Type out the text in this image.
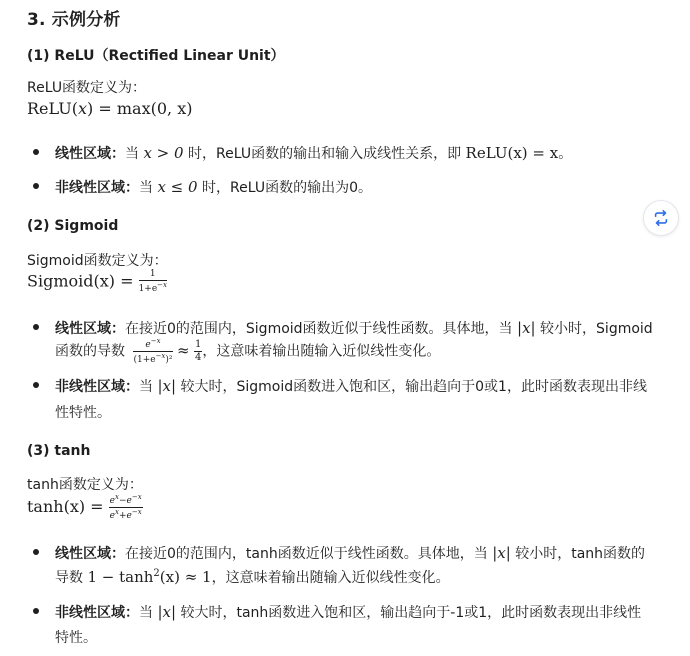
3. 示例分析
(1) ReLU（Rectified Linear Unit）
ReLU函数定义为：
ReLU(x) = max(0, x)
线性区域：当 x > 0 时，ReLU函数的输出和输入成线性关系，即 ReLU(x) = x。
非线性区域：当 x ≤ 0 时，ReLU函数的输出为0。
(2) Sigmoid
Sigmoid函数定义为：
Sigmoid(x) = $\frac{1}{1+e^{-x}}$
线性区域：在接近0的范围内，Sigmoid函数近似于线性函数。具体地，当 |x| 较小时，Sigmoid
函数的导数 $\frac{e^{-x}}{(1+e^{-x})^2} \approx \frac{1}{4}$ ，这意味着输出随输入近似线性变化。
非线性区域：当 |x| 较大时，Sigmoid函数进入饱和区，输出趋向于0或1，此时函数表现出非线
性特性。
(3) tanh
tanh函数定义为：
$\tanh(x) = \frac{e^x-e^{-x}}{e^x+e^{-x}}$
线性区域：在接近0的范围内，tanh函数近似于线性函数。具体地，当 |x| 较小时，tanh函数的
导数 $1 - \tanh^2(x) \approx 1$，这意味着输出随输入近似线性变化。
非线性区域：当 |x| 较大时，tanh函数进入饱和区，输出趋向于-1或1，此时函数表现出非线性
特性。
